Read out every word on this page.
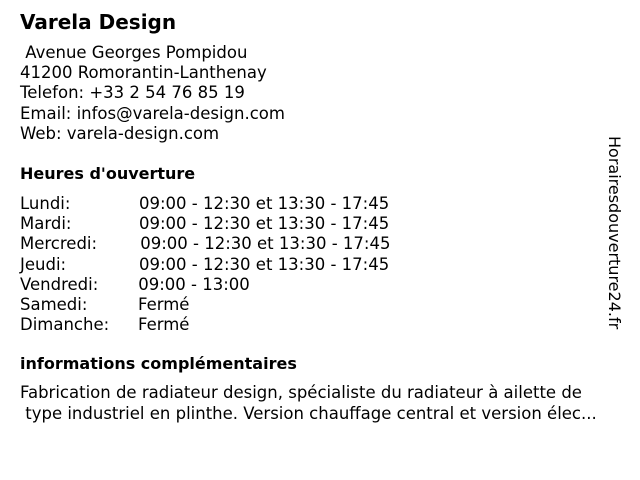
Varela Design
Avenue Georges Pompidou
41200 Romorantin-Lanthenay
Telefon: +33 2 54 76 85 19
Email: infos@varela-design.com
Web: varela-design.com
Heures d'ouverture
Lundi:	09:00 - 12:30 et 13:30 - 17:45
Mardi:	09:00 - 12:30 et 13:30 - 17:45
Mercredi: 09:00 - 12:30 et 13:30 - 17:45
Jeudi:	09:00 - 12:30 et 13:30 - 17:45
Vendredi: 09:00 - 13:00
Samedi:	Fermé
Dimanche: Fermé
informations complémentaires
Fabrication de radiateur design, spécialiste du radiateur à ailette de
type industriel en plinthe. Version chauffage central et version élec...
Horairesdouverture24.fr
